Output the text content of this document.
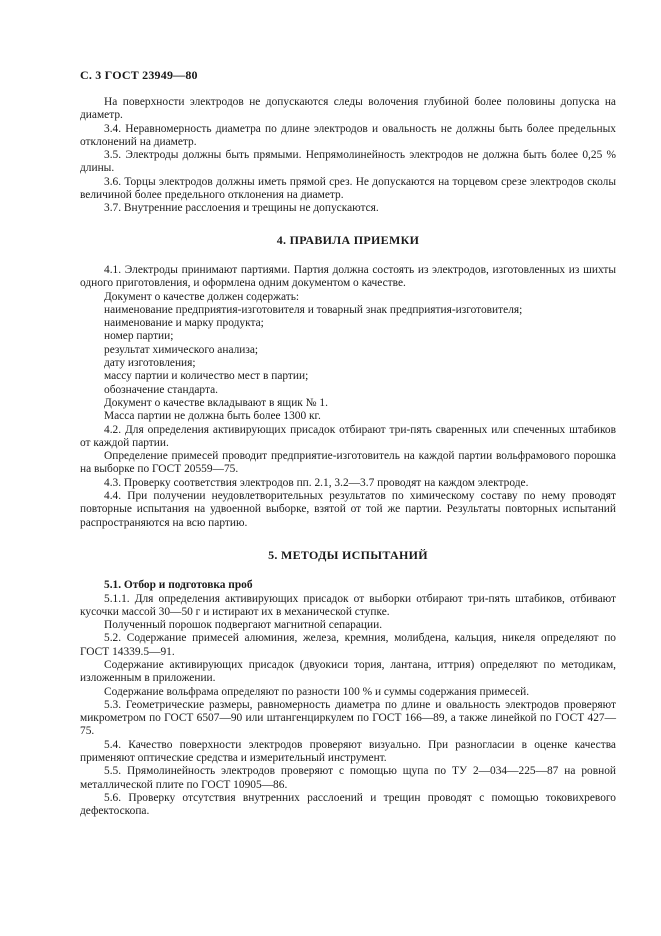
С. 3 ГОСТ 23949—80

На поверхности электродов не допускаются следы волочения глубиной более половины допуска на диаметр.

3.4. Неравномерность диаметра по длине электродов и овальность не должны быть более предельных отклонений на диаметр.

3.5. Электроды должны быть прямыми. Непрямолинейность электродов не должна быть более 0,25 % длины.

3.6. Торцы электродов должны иметь прямой срез. Не допускаются на торцевом срезе электродов сколы величиной более предельного отклонения на диаметр.

3.7. Внутренние расслоения и трещины не допускаются.

4. ПРАВИЛА ПРИЕМКИ

4.1. Электроды принимают партиями. Партия должна состоять из электродов, изготовленных из шихты одного приготовления, и оформлена одним документом о качестве.

Документ о качестве должен содержать:

наименование предприятия-изготовителя и товарный знак предприятия-изготовителя;

наименование и марку продукта;

номер партии;

результат химического анализа;

дату изготовления;

массу партии и количество мест в партии;

обозначение стандарта.

Документ о качестве вкладывают в ящик № 1.

Масса партии не должна быть более 1300 кг.

4.2. Для определения активирующих присадок отбирают три-пять сваренных или спеченных штабиков от каждой партии.

Определение примесей проводит предприятие-изготовитель на каждой партии вольфрамового порошка на выборке по ГОСТ 20559—75.

4.3. Проверку соответствия электродов пп. 2.1, 3.2—3.7 проводят на каждом электроде.

4.4. При получении неудовлетворительных результатов по химическому составу по нему проводят повторные испытания на удвоенной выборке, взятой от той же партии. Результаты повторных испытаний распространяются на всю партию.

5. МЕТОДЫ ИСПЫТАНИЙ

5.1. Отбор и подготовка проб

5.1.1. Для определения активирующих присадок от выборки отбирают три-пять штабиков, отбивают кусочки массой 30—50 г и истирают их в механической ступке.

Полученный порошок подвергают магнитной сепарации.

5.2. Содержание примесей алюминия, железа, кремния, молибдена, кальция, никеля определяют по ГОСТ 14339.5—91.

Содержание активирующих присадок (двуокиси тория, лантана, иттрия) определяют по методикам, изложенным в приложении.

Содержание вольфрама определяют по разности 100 % и суммы содержания примесей.

5.3. Геометрические размеры, равномерность диаметра по длине и овальность электродов проверяют микрометром по ГОСТ 6507—90 или штангенциркулем по ГОСТ 166—89, а также линейкой по ГОСТ 427—75.

5.4. Качество поверхности электродов проверяют визуально. При разногласии в оценке качества применяют оптические средства и измерительный инструмент.

5.5. Прямолинейность электродов проверяют с помощью щупа по ТУ 2—034—225—87 на ровной металлической плите по ГОСТ 10905—86.

5.6. Проверку отсутствия внутренних расслоений и трещин проводят с помощью токовихревого дефектоскопа.
